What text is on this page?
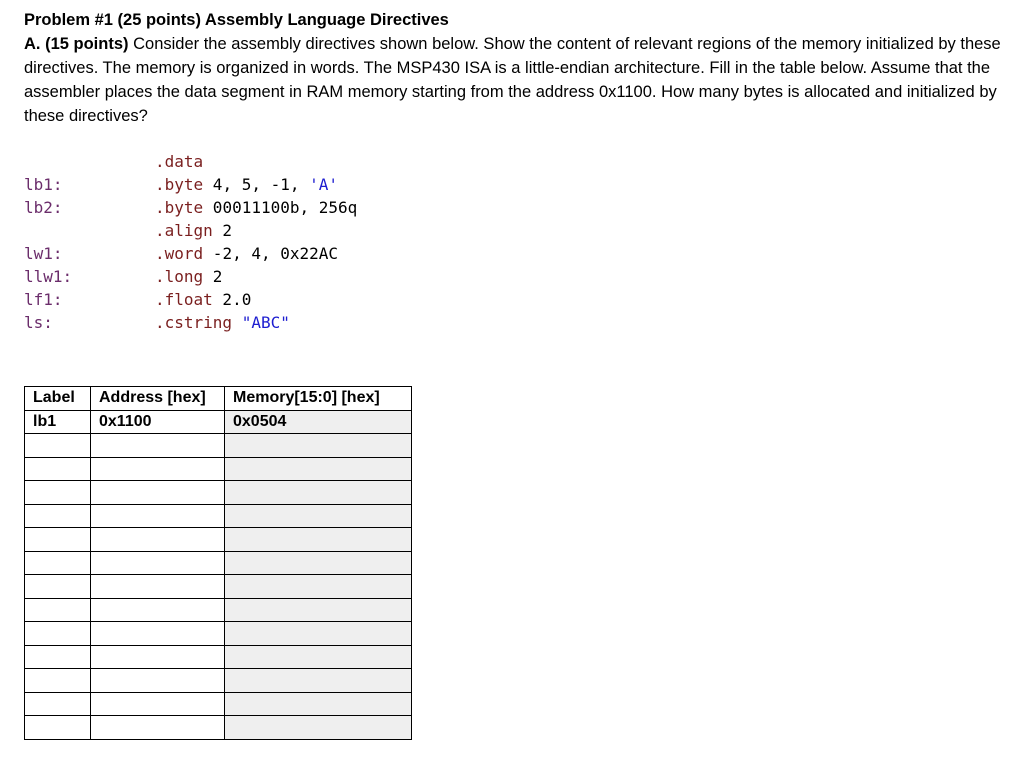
Problem #1 (25 points) Assembly Language Directives

A. (15 points) Consider the assembly directives shown below. Show the content of relevant regions of the memory initialized by these directives. The memory is organized in words. The MSP430 ISA is a little-endian architecture. Fill in the table below. Assume that the assembler places the data segment in RAM memory starting from the address 0x1100. How many bytes is allocated and initialized by these directives?

.data

lb1:

	.byte 4, 5, -1, 'A'

lb2:

	.byte 00011100b, 256q

.align 2

lw1:

	.word -2, 4, 0x22AC

llw1:

	.long 2

lf1:

	.float 2.0

ls:

	.cstring "ABC"

Label	Address [hex]	Memory[15:0] [hex]
lb1	0x1100	0x0504
